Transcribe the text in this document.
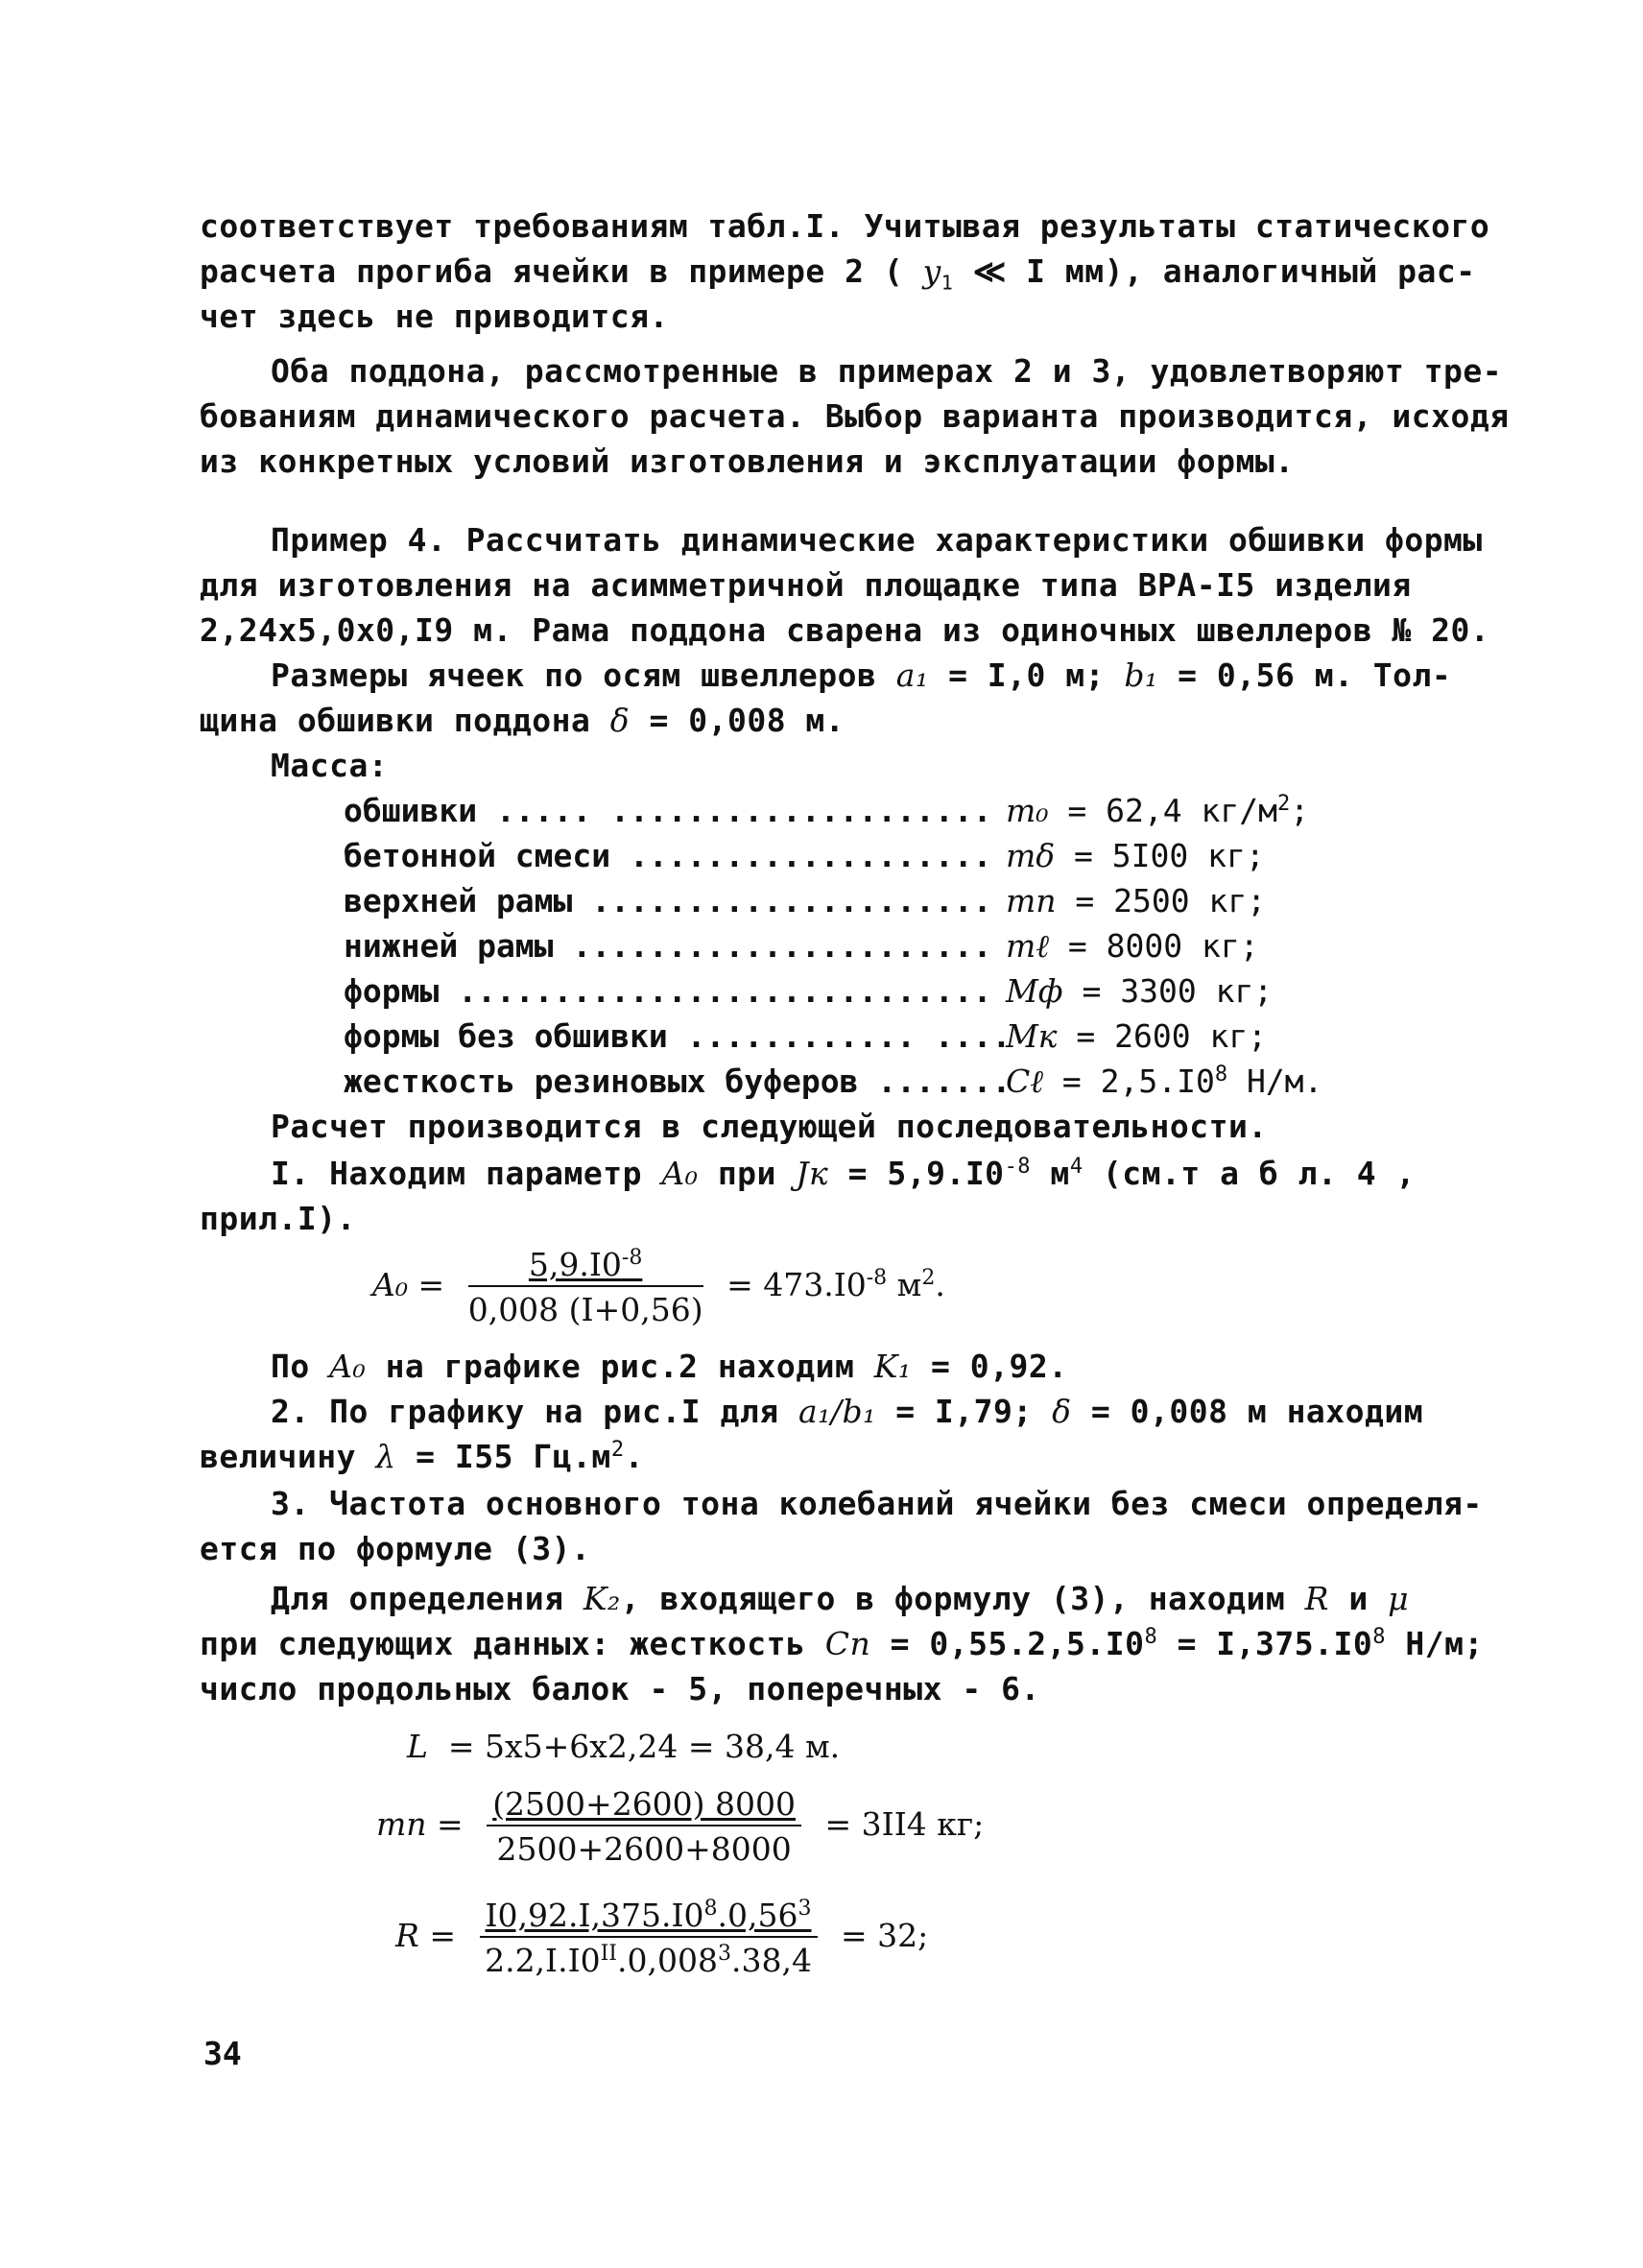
соответствует требованиям табл.I. Учитывая результаты статического
расчета прогиба ячейки в примере 2 ( $y_1$ ≪ I мм), аналогичный рас-
чет здесь не приводится.
Оба поддона, рассмотренные в примерах 2 и 3, удовлетворяют тре-
бованиям динамического расчета. Выбор варианта производится, исходя
из конкретных условий изготовления и эксплуатации формы.
Пример 4. Рассчитать динамические характеристики обшивки формы
для изготовления на асимметричной площадке типа ВРА-I5 изделия
2,24x5,0x0,I9 м. Рама поддона сварена из одиночных швеллеров № 20.
Размеры ячеек по осям швеллеров a₁ = I,0 м; b₁ = 0,56 м. Тол-
щина обшивки поддона δ = 0,008 м.
Масса:
обшивки ..... .................... m₀ = 62,4 $кг/м^2$;
бетонной смеси ................... mδ = 5I00 кг;
верхней рамы ..................... mп = 2500 кг;
нижней рамы ...................... mℓ = 8000 кг;
формы ............................ Mф = 3300 кг;
формы без обшивки ............ ....
Mк = 2600 кг;
жесткость резиновых буферов .......
Cℓ = $2,5.I0^8$ Н/м.
Расчет производится в следующей последовательности.
I. Находим параметр A₀ при Jк = $5,9.I0^{-8}$ $м^4$ (см.т а б л. 4 ,
прил.I).
$A_0 = \frac{5,9.I0^{-8}}{0,008 (I+0,56)} = 473.I0^{-8}$ $м^2$.
По A₀ на графике рис.2 находим K₁ = 0,92.
2. По графику на рис.I для a₁/b₁ = I,79; δ = 0,008 м находим
величину λ = I55 $Гц.м^2$.
3. Частота основного тона колебаний ячейки без смеси определя-
ется по формуле (3).
Для определения K₂, входящего в формулу (3), находим R и μ
при следующих данных: жесткость Cп = $0,55.2,5.I0^8 = I,375.I0^8$ Н/м;
число продольных балок - 5, поперечных - 6.
L = 5x5+6x2,24 = 38,4 м.
mп = $\frac{(2500+2600) 8000}{2500+2600+8000} = 3II4$ кг;
$R = \frac{I0,92.I,375.I0^8.0,56^3}{2.2,I.I0^{II}.0,008^3.38,4} = 32$;
34
